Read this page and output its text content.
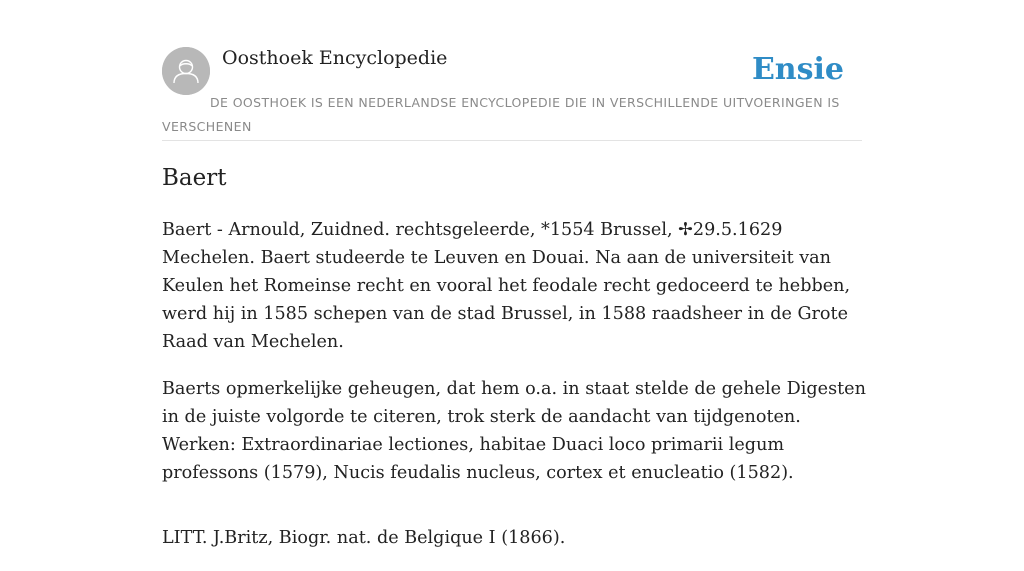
Oosthoek Encyclopedie	Ensie
DE OOSTHOEK IS EEN NEDERLANDSE ENCYCLOPEDIE DIE IN VERSCHILLENDE UITVOERINGEN IS VERSCHENEN
Baert

Baert - Arnould, Zuidned. rechtsgeleerde, *1554 Brussel, ✢29.5.1629 Mechelen. Baert studeerde te Leuven en Douai. Na aan de universiteit van Keulen het Romeinse recht en vooral het feodale recht gedoceerd te hebben, werd hij in 1585 schepen van de stad Brussel, in 1588 raadsheer in de Grote Raad van Mechelen.

Baerts opmerkelijke geheugen, dat hem o.a. in staat stelde de gehele Digesten in de juiste volgorde te citeren, trok sterk de aandacht van tijdgenoten. Werken: Extraordinariae lectiones, habitae Duaci loco primarii legum professons (1579), Nucis feudalis nucleus, cortex et enucleatio (1582).

LITT. J.Britz, Biogr. nat. de Belgique I (1866).
